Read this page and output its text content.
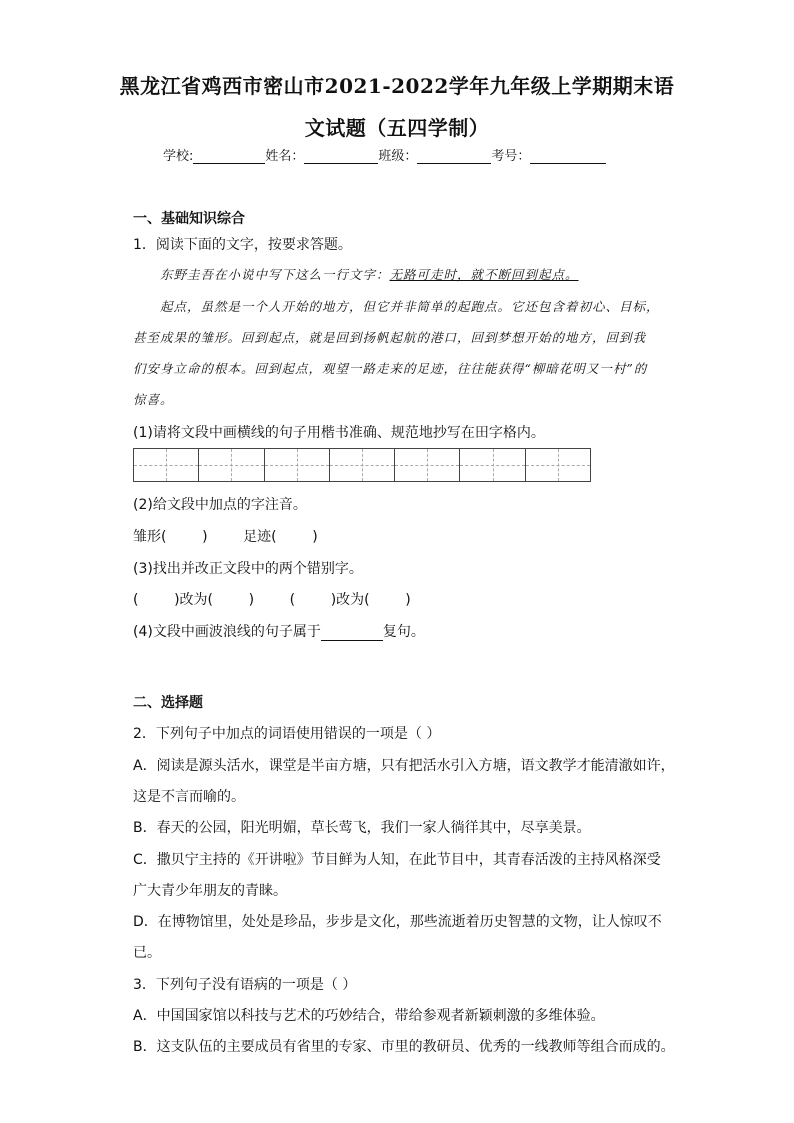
黑龙江省鸡西市密山市2021-2022学年九年级上学期期末语
文试题（五四学制）
学校:	姓名：	班级：	考号：
一、基础知识综合
1．阅读下面的文字，按要求答题。
东野圭吾在小说中写下这么一行文字：无路可走时，就不断回到起点。
起点，虽然是一个人开始的地方，但它并非简单的起跑点。它还包含着初心、目标，
甚至成果的雏形。回到起点，就是回到扬帆起航的港口，回到梦想开始的地方，回到我
们安身立命的根本。回到起点，观望一路走来的足迹，往往能获得“柳暗花明又一村”的
惊喜。
(1)请将文段中画横线的句子用楷书准确、规范地抄写在田字格内。
(2)给文段中加点的字注音。
雏形(        )        足迹(        )
(3)找出并改正文段中的两个错别字。
(        )改为(        )        (        )改为(        )
(4)文段中画波浪线的句子属于	复句。
二、选择题
2．下列句子中加点的词语使用错误的一项是（ ）
A．阅读是源头活水，课堂是半亩方塘，只有把活水引入方塘，语文教学才能清澈如许，
这是不言而喻的。
B．春天的公园，阳光明媚，草长莺飞，我们一家人徜徉其中，尽享美景。
C．撒贝宁主持的《开讲啦》节目鲜为人知，在此节目中，其青春活泼的主持风格深受
广大青少年朋友的青睐。
D．在博物馆里，处处是珍品，步步是文化，那些流逝着历史智慧的文物，让人惊叹不
已。
3．下列句子没有语病的一项是（ ）
A．中国国家馆以科技与艺术的巧妙结合，带给参观者新颖刺激的多维体验。
B．这支队伍的主要成员有省里的专家、市里的教研员、优秀的一线教师等组合而成的。
